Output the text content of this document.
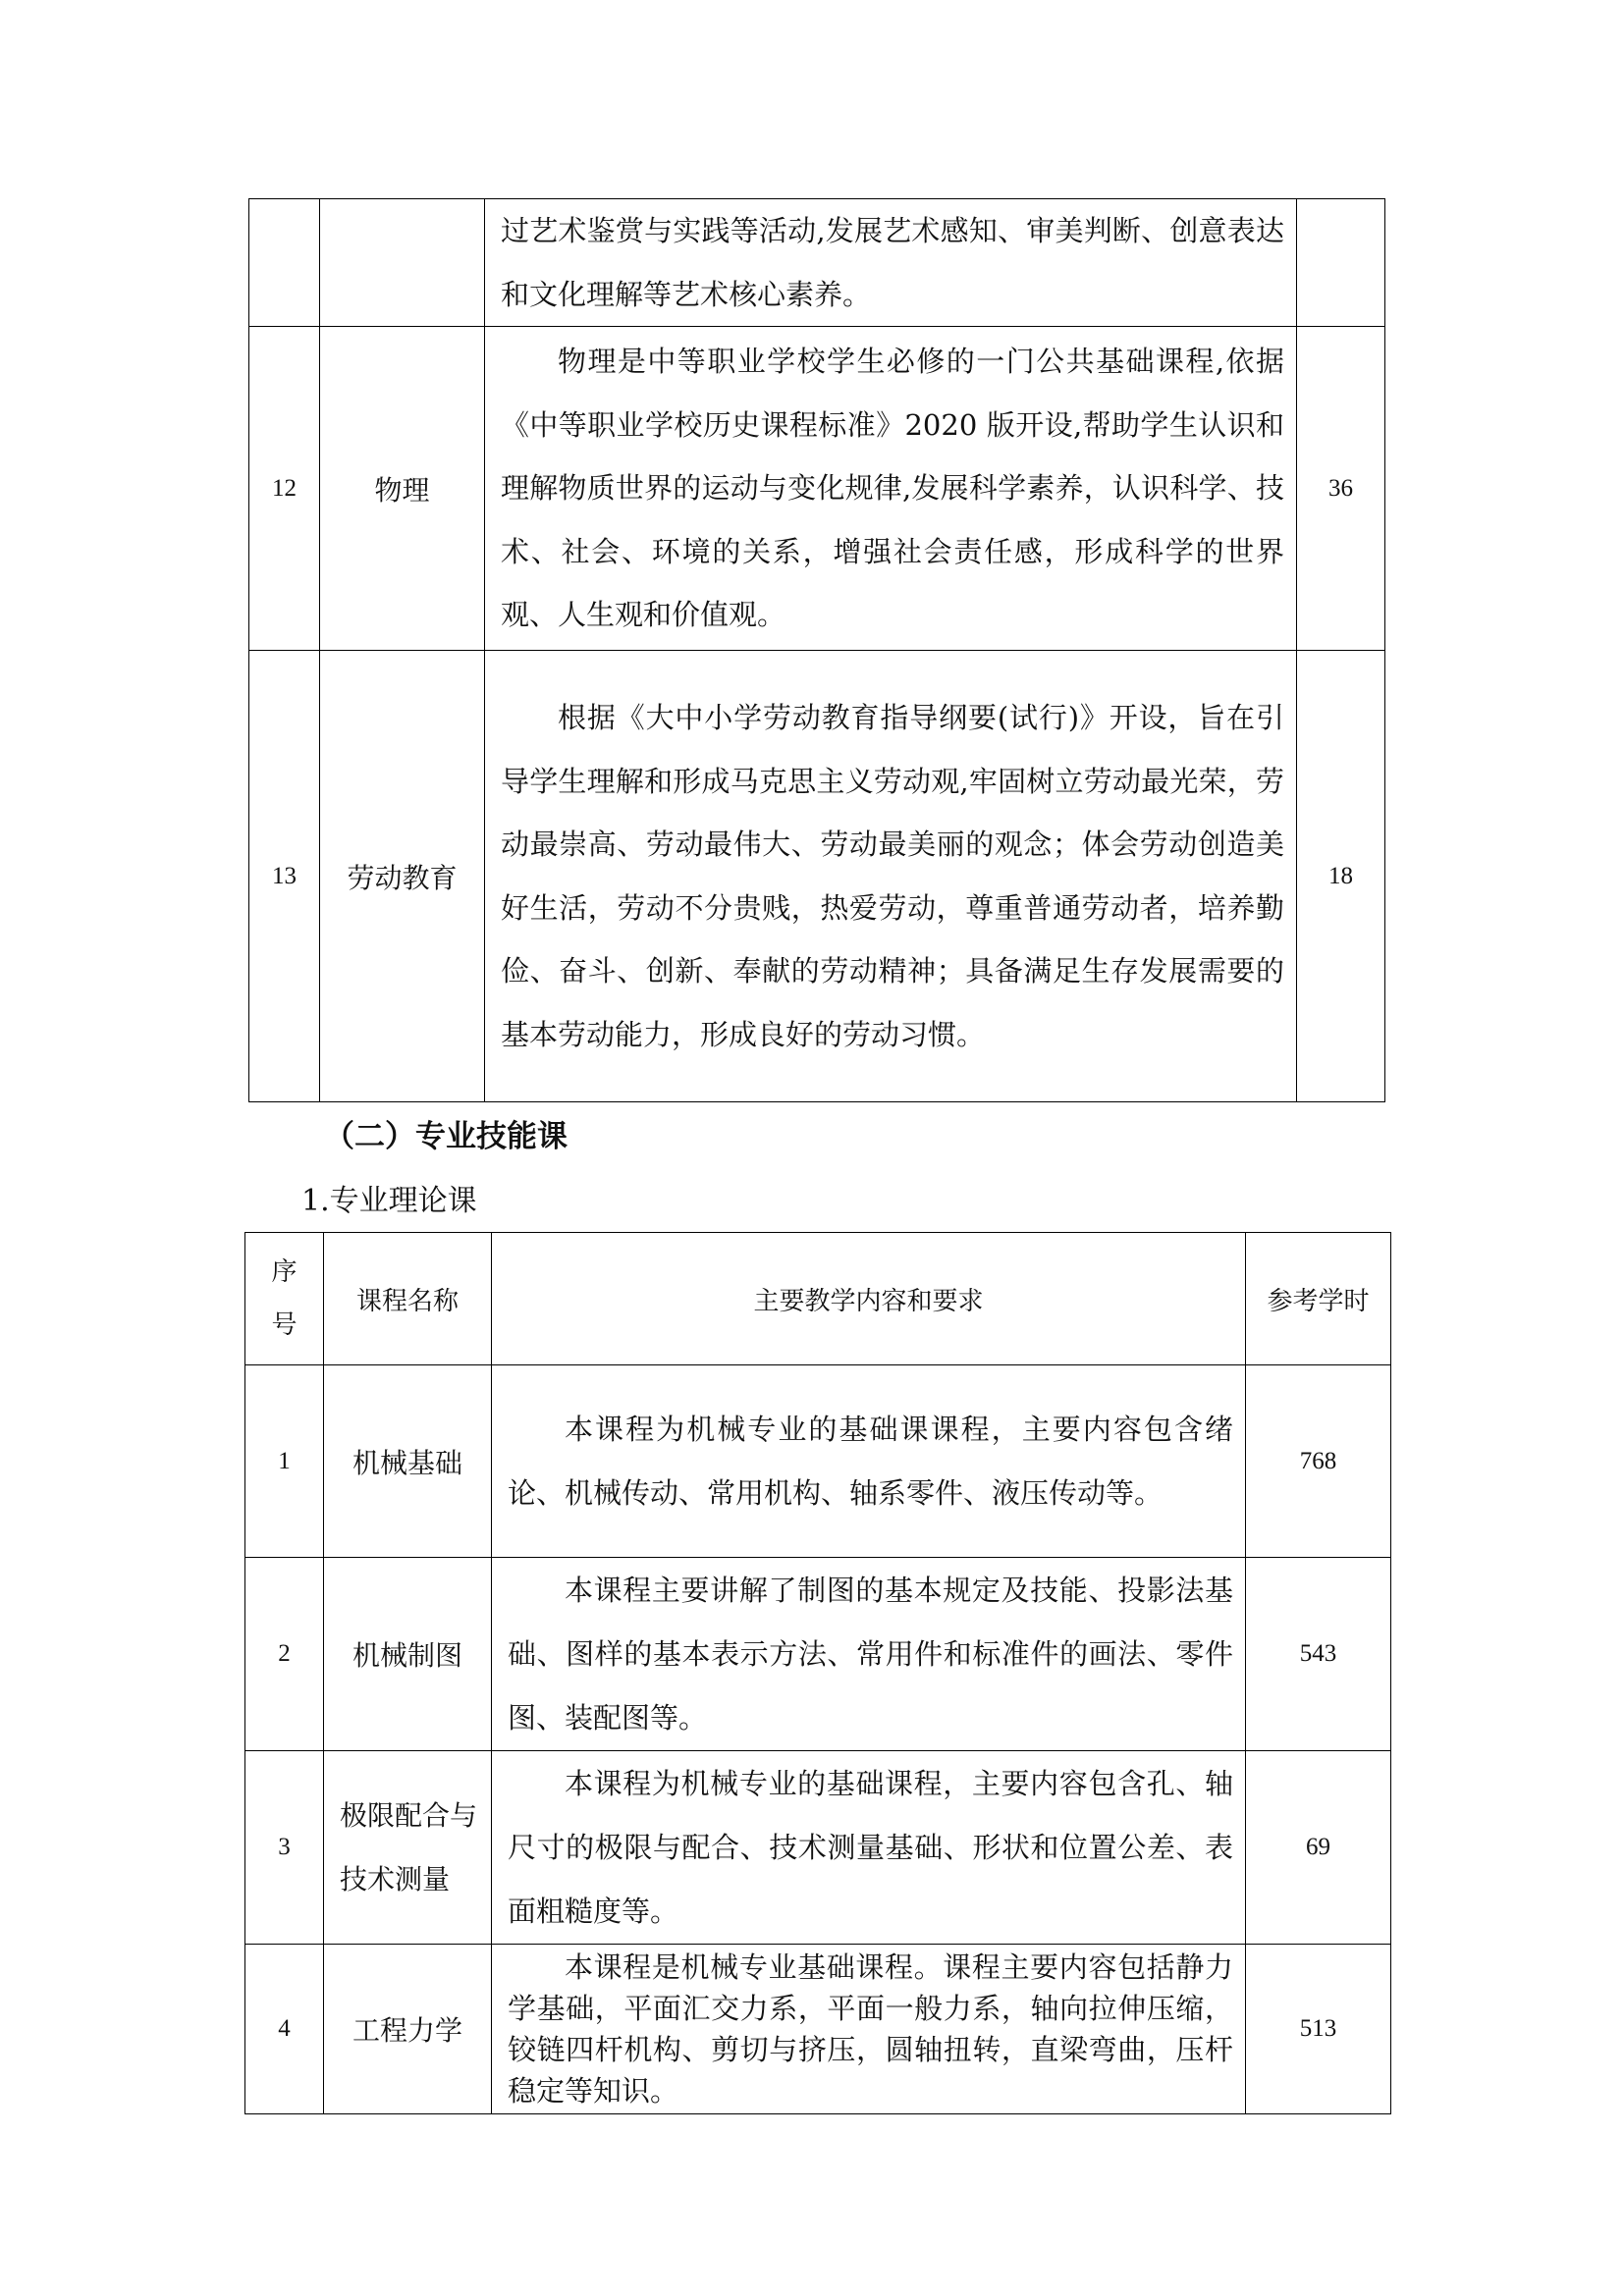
		过艺术鉴赏与实践等活动,发展艺术感知、审美判断、创意表达和文化理解等艺术核心素养。	

12	物理	物理是中等职业学校学生必修的一门公共基础课程,依据《中等职业学校历史课程标准》2020 版开设,帮助学生认识和理解物质世界的运动与变化规律,发展科学素养，认识科学、技术、社会、环境的关系，增强社会责任感，形成科学的世界观、人生观和价值观。	36
13	劳动教育	根据《大中小学劳动教育指导纲要(试行)》开设，旨在引导学生理解和形成马克思主义劳动观,牢固树立劳动最光荣，劳动最崇高、劳动最伟大、劳动最美丽的观念；体会劳动创造美好生活，劳动不分贵贱，热爱劳动，尊重普通劳动者，培养勤俭、奋斗、创新、奉献的劳动精神；具备满足生存发展需要的基本劳动能力，形成良好的劳动习惯。	18
（二）专业技能课
1.专业理论课
序号	课程名称	主要教学内容和要求	参考学时
1	机械基础	本课程为机械专业的基础课课程，主要内容包含绪论、机械传动、常用机构、轴系零件、液压传动等。	768
2	机械制图	本课程主要讲解了制图的基本规定及技能、投影法基础、图样的基本表示方法、常用件和标准件的画法、零件图、装配图等。	543
3	极限配合与技术测量	本课程为机械专业的基础课程，主要内容包含孔、轴尺寸的极限与配合、技术测量基础、形状和位置公差、表面粗糙度等。	69
4	工程力学	本课程是机械专业基础课程。课程主要内容包括静力学基础，平面汇交力系，平面一般力系，轴向拉伸压缩，铰链四杆机构、剪切与挤压，圆轴扭转，直梁弯曲，压杆稳定等知识。	513
